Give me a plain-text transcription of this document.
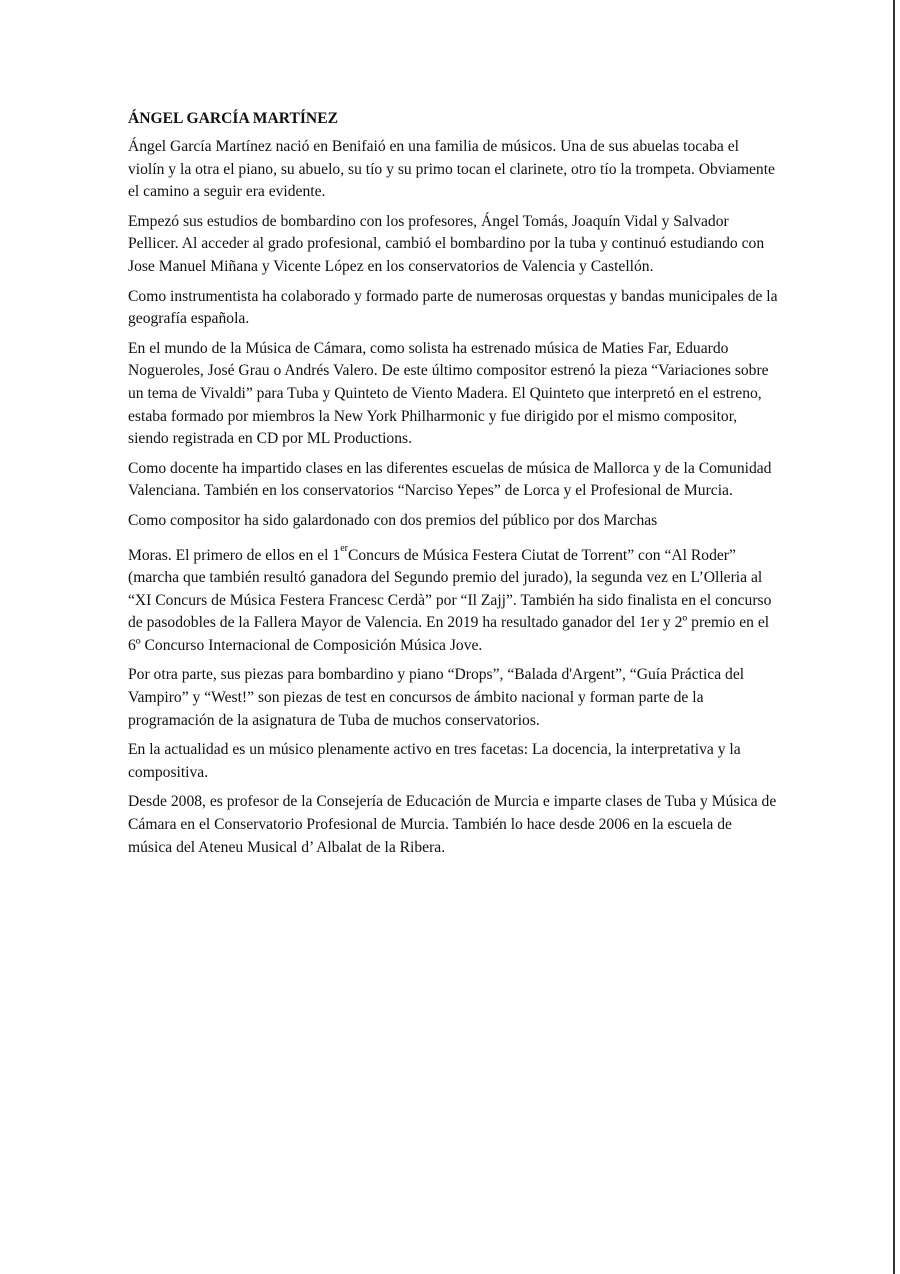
ÁNGEL GARCÍA MARTÍNEZ

Ángel García Martínez nació en Benifaió en una familia de músicos. Una de sus abuelas tocaba el violín y la otra el piano, su abuelo, su tío y su primo tocan el clarinete, otro tío la trompeta. Obviamente el camino a seguir era evidente.

Empezó sus estudios de bombardino con los profesores, Ángel Tomás, Joaquín Vidal y Salvador Pellicer. Al acceder al grado profesional, cambió el bombardino por la tuba y continuó estudiando con Jose Manuel Miñana y Vicente López en los conservatorios de Valencia y Castellón.

Como instrumentista ha colaborado y formado parte de numerosas orquestas y bandas municipales de la geografía española.

En el mundo de la Música de Cámara, como solista ha estrenado música de Maties Far, Eduardo Nogueroles, José Grau o Andrés Valero. De este último compositor estrenó la pieza “Variaciones sobre un tema de Vivaldi” para Tuba y Quinteto de Viento Madera. El Quinteto que interpretó en el estreno, estaba formado por miembros la New York Philharmonic y fue dirigido por el mismo compositor, siendo registrada en CD por ML Productions.

Como docente ha impartido clases en las diferentes escuelas de música de Mallorca y de la Comunidad Valenciana. También en los conservatorios “Narciso Yepes” de Lorca y el Profesional de Murcia.

Como compositor ha sido galardonado con dos premios del público por dos Marchas

Moras. El primero de ellos en el 1erConcurs de Música Festera Ciutat de Torrent” con “Al Roder” (marcha que también resultó ganadora del Segundo premio del jurado), la segunda vez en L’Olleria al “XI Concurs de Música Festera Francesc Cerdà” por “Il Zajj”. También ha sido finalista en el concurso de pasodobles de la Fallera Mayor de Valencia. En 2019 ha resultado ganador del 1er y 2º premio en el 6º Concurso Internacional de Composición Música Jove.

Por otra parte, sus piezas para bombardino y piano “Drops”, “Balada d'Argent”, “Guía Práctica del Vampiro” y “West!” son piezas de test en concursos de ámbito nacional y forman parte de la programación de la asignatura de Tuba de muchos conservatorios.

En la actualidad es un músico plenamente activo en tres facetas: La docencia, la interpretativa y la compositiva.

Desde 2008, es profesor de la Consejería de Educación de Murcia e imparte clases de Tuba y Música de Cámara en el Conservatorio Profesional de Murcia. También lo hace desde 2006 en la escuela de música del Ateneu Musical d’ Albalat de la Ribera.
